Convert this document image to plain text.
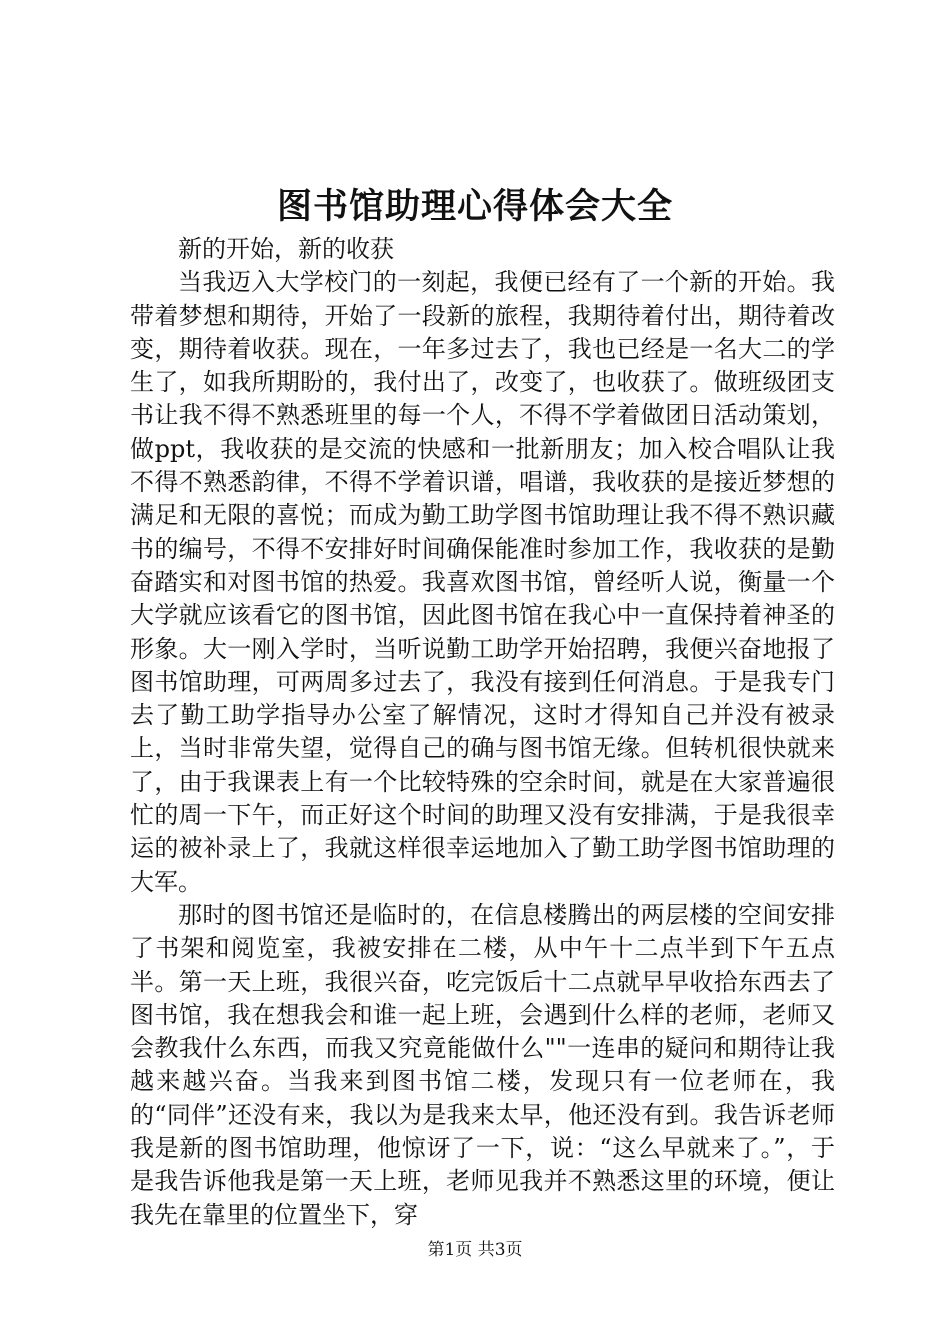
图书馆助理心得体会大全

新的开始，新的收获

当我迈入大学校门的一刻起，我便已经有了一个新的开始。我带着梦想和期待，开始了一段新的旅程，我期待着付出，期待着改变，期待着收获。现在，一年多过去了，我也已经是一名大二的学生了，如我所期盼的，我付出了，改变了，也收获了。做班级团支书让我不得不熟悉班里的每一个人，不得不学着做团日活动策划，做ppt，我收获的是交流的快感和一批新朋友；加入校合唱队让我不得不熟悉韵律，不得不学着识谱，唱谱，我收获的是接近梦想的满足和无限的喜悦；而成为勤工助学图书馆助理让我不得不熟识藏书的编号，不得不安排好时间确保能准时参加工作，我收获的是勤奋踏实和对图书馆的热爱。我喜欢图书馆，曾经听人说，衡量一个大学就应该看它的图书馆，因此图书馆在我心中一直保持着神圣的形象。大一刚入学时，当听说勤工助学开始招聘，我便兴奋地报了图书馆助理，可两周多过去了，我没有接到任何消息。于是我专门去了勤工助学指导办公室了解情况，这时才得知自己并没有被录上，当时非常失望，觉得自己的确与图书馆无缘。但转机很快就来了，由于我课表上有一个比较特殊的空余时间，就是在大家普遍很忙的周一下午，而正好这个时间的助理又没有安排满，于是我很幸运的被补录上了，我就这样很幸运地加入了勤工助学图书馆助理的大军。

那时的图书馆还是临时的，在信息楼腾出的两层楼的空间安排了书架和阅览室，我被安排在二楼，从中午十二点半到下午五点半。第一天上班，我很兴奋，吃完饭后十二点就早早收拾东西去了图书馆，我在想我会和谁一起上班，会遇到什么样的老师，老师又会教我什么东西，而我又究竟能做什么""一连串的疑问和期待让我越来越兴奋。当我来到图书馆二楼，发现只有一位老师在，我的“同伴”还没有来，我以为是我来太早，他还没有到。我告诉老师我是新的图书馆助理，他惊讶了一下，说：“这么早就来了。”，于是我告诉他我是第一天上班，老师见我并不熟悉这里的环境，便让我先在靠里的位置坐下，穿

第1页 共3页
